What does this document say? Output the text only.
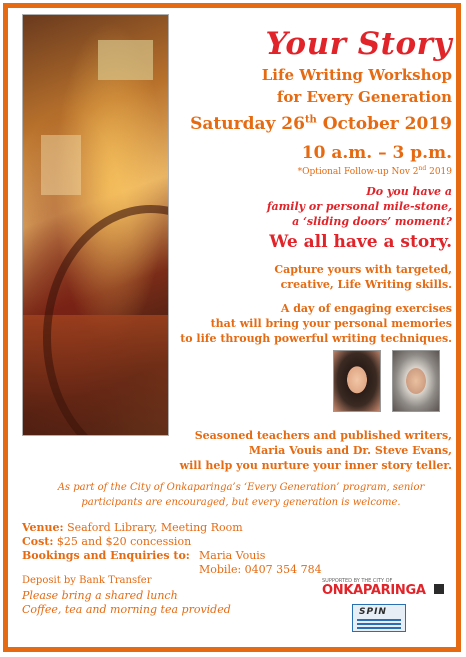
Your Story
Life Writing Workshop
for Every Generation
Saturday 26th October 2019
10 a.m. – 3 p.m.
*Optional Follow-up Nov 2nd 2019
Do you have a
family or personal mile-stone,
a ‘sliding doors’ moment?
We all have a story.
Capture yours with targeted,
creative, Life Writing skills.
A day of engaging exercises
that will bring your personal memories
to life through powerful writing techniques.
Seasoned teachers and published writers,
Maria Vouis and Dr. Steve Evans,
will help you nurture your inner story teller.
As part of the City of Onkaparinga’s ‘Every Generation’ program, senior
participants are encouraged, but every generation is welcome.
Venue: Seaford Library, Meeting Room
Cost: $25 and $20 concession
Bookings and Enquiries to: Maria Vouis
Mobile: 0407 354 784
Deposit by Bank Transfer
Please bring a shared lunch
Coffee, tea and morning tea provided
SUPPORTED BY THE CITY OF
ONKAPARINGA
SPIN
